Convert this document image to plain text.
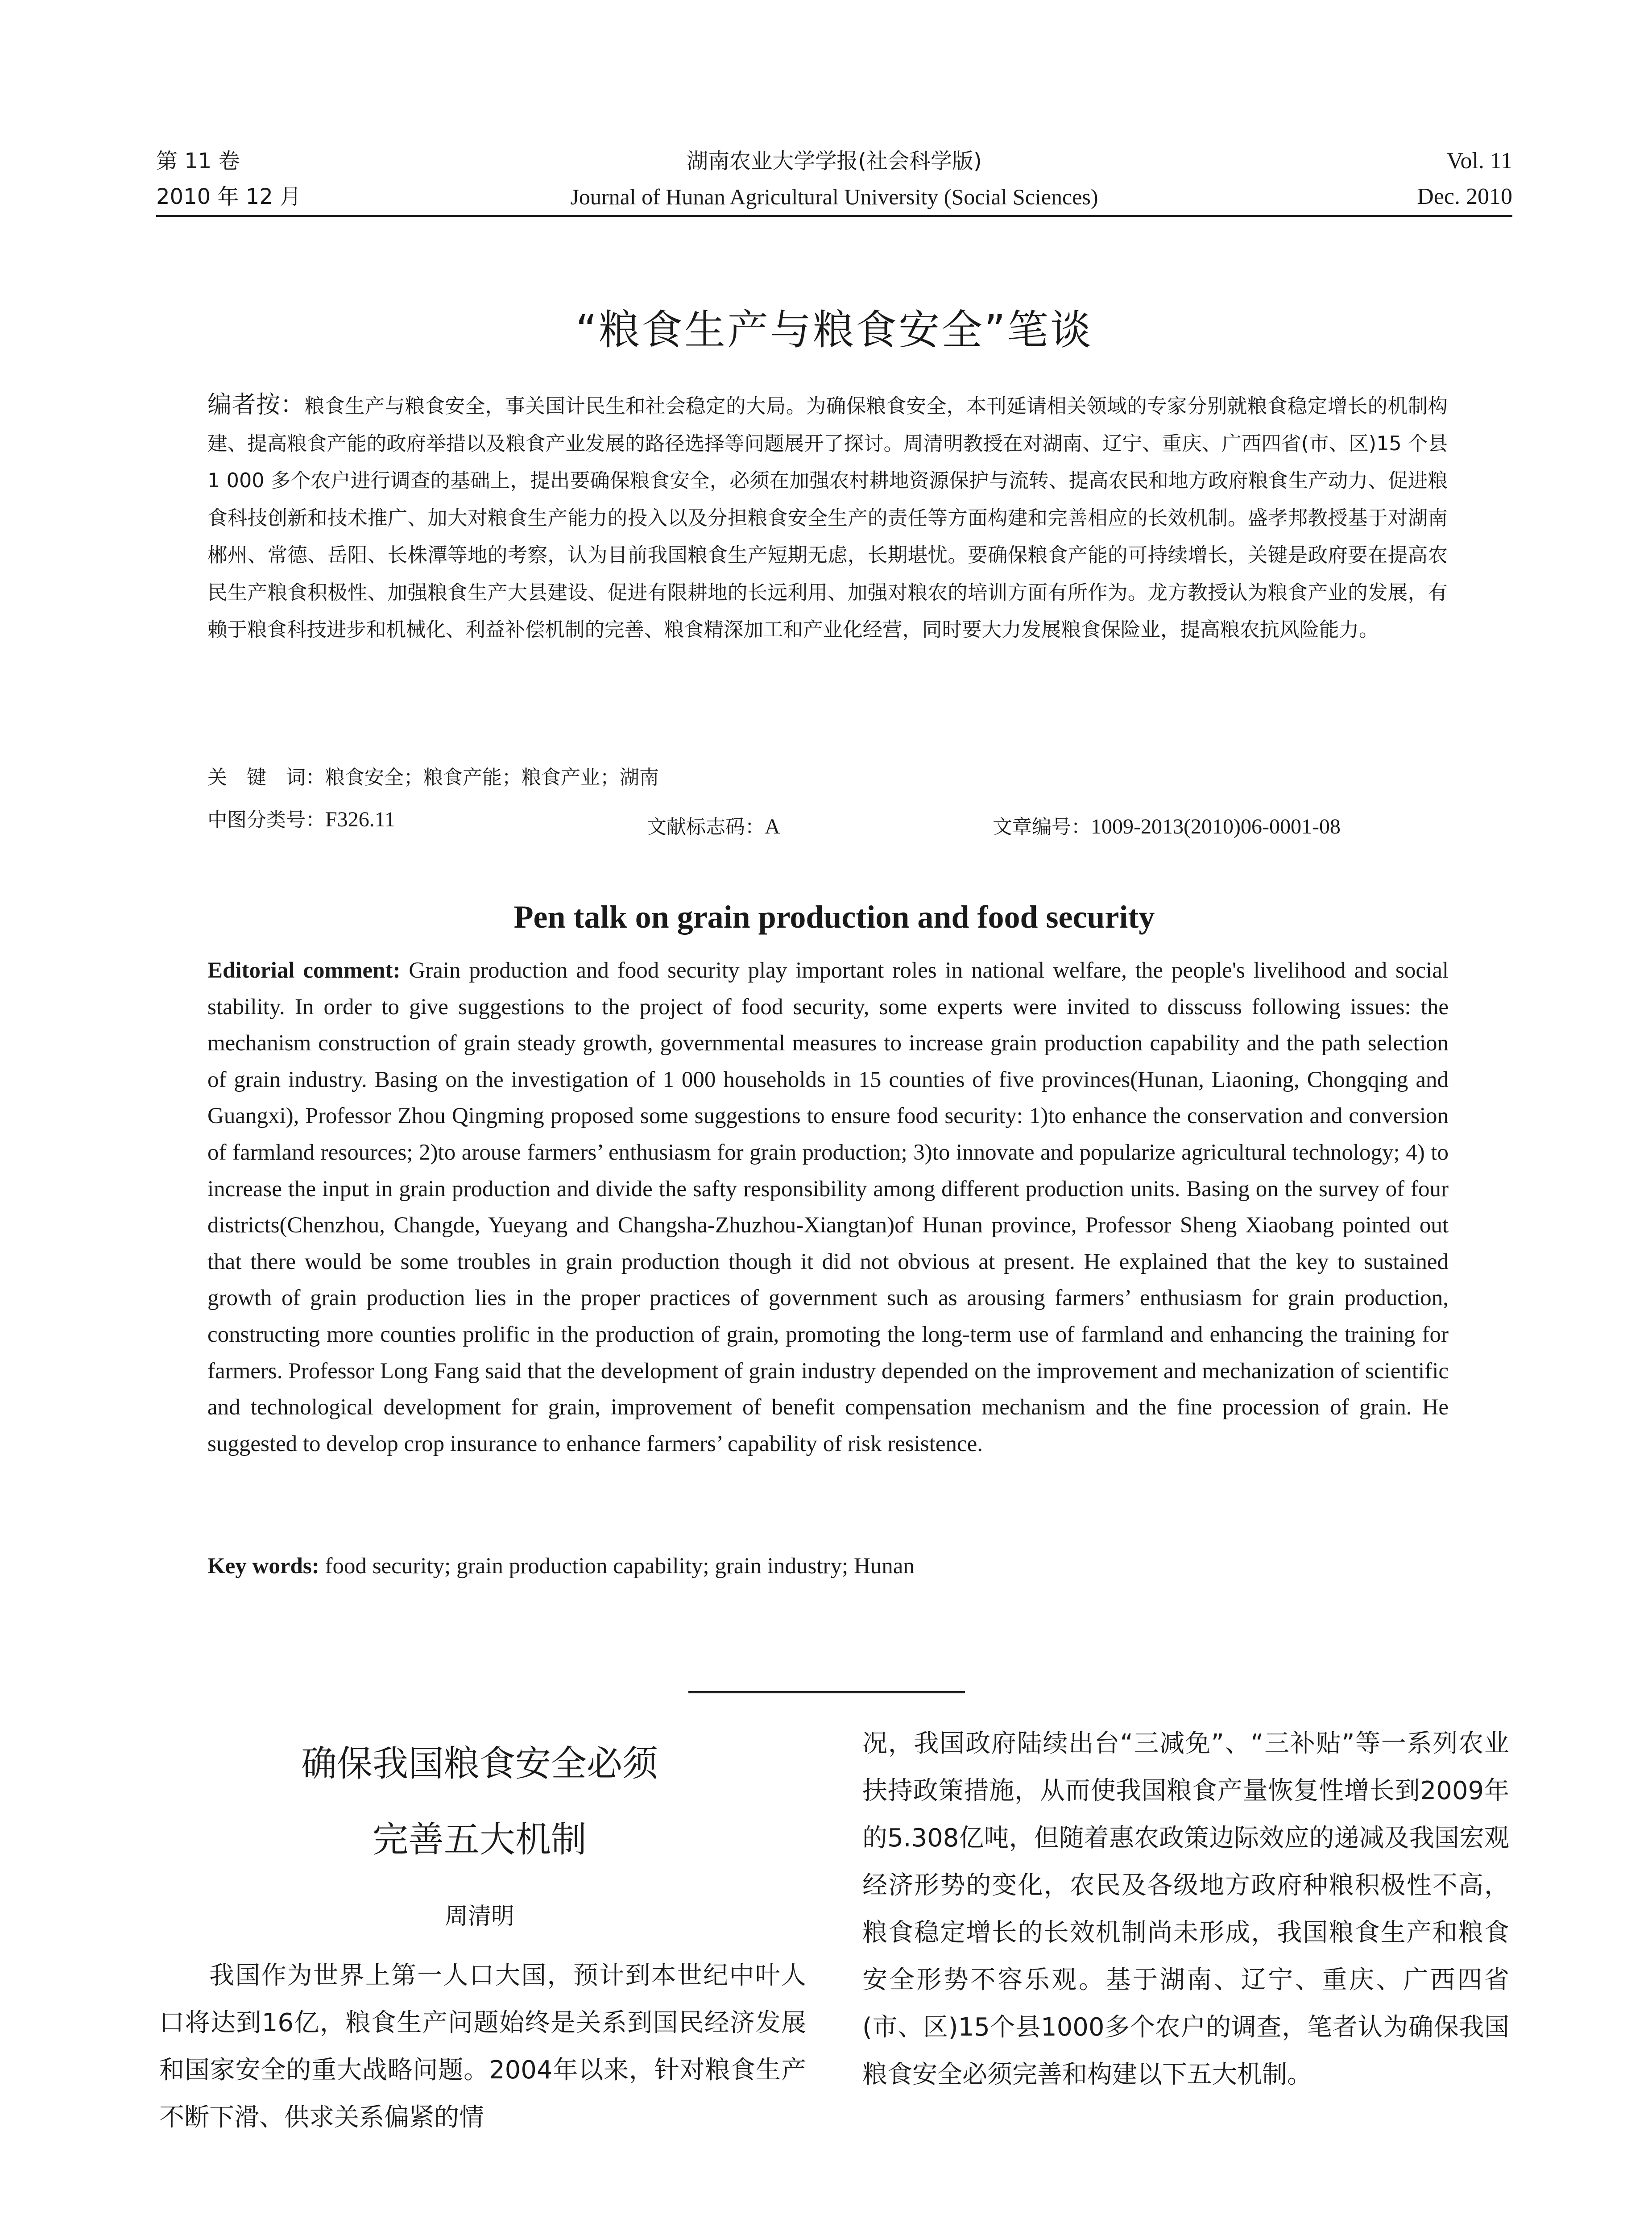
第 11 卷	湖南农业大学学报(社会科学版)	Vol. 11
2010 年 12 月	Journal of Hunan Agricultural University (Social Sciences)	Dec. 2010
“粮食生产与粮食安全”笔谈
编者按：粮食生产与粮食安全，事关国计民生和社会稳定的大局。为确保粮食安全，本刊延请相关领域的专家分别就粮食稳定增长的机制构建、提高粮食产能的政府举措以及粮食产业发展的路径选择等问题展开了探讨。周清明教授在对湖南、辽宁、重庆、广西四省(市、区)15 个县 1 000 多个农户进行调查的基础上，提出要确保粮食安全，必须在加强农村耕地资源保护与流转、提高农民和地方政府粮食生产动力、促进粮食科技创新和技术推广、加大对粮食生产能力的投入以及分担粮食安全生产的责任等方面构建和完善相应的长效机制。盛孝邦教授基于对湖南郴州、常德、岳阳、长株潭等地的考察，认为目前我国粮食生产短期无虑，长期堪忧。要确保粮食产能的可持续增长，关键是政府要在提高农民生产粮食积极性、加强粮食生产大县建设、促进有限耕地的长远利用、加强对粮农的培训方面有所作为。龙方教授认为粮食产业的发展，有赖于粮食科技进步和机械化、利益补偿机制的完善、粮食精深加工和产业化经营，同时要大力发展粮食保险业，提高粮农抗风险能力。
关　键　词：粮食安全；粮食产能；粮食产业；湖南
中图分类号：F326.11	文献标志码：A	文章编号：1009-2013(2010)06-0001-08
Pen talk on grain production and food security
Editorial comment: Grain production and food security play important roles in national welfare, the people's livelihood and social stability. In order to give suggestions to the project of food security, some experts were invited to disscuss following issues: the mechanism construction of grain steady growth, governmental measures to increase grain production capability and the path selection of grain industry. Basing on the investigation of 1 000 households in 15 counties of five provinces(Hunan, Liaoning, Chongqing and Guangxi), Professor Zhou Qingming proposed some suggestions to ensure food security: 1)to enhance the conservation and conversion of farmland resources; 2)to arouse farmers’ enthusiasm for grain production; 3)to innovate and popularize agricultural technology; 4) to increase the input in grain production and divide the safty responsibility among different production units. Basing on the survey of four districts(Chenzhou, Changde, Yueyang and Changsha-Zhuzhou-Xiangtan)of Hunan province, Professor Sheng Xiaobang pointed out that there would be some troubles in grain production though it did not obvious at present. He explained that the key to sustained growth of grain production lies in the proper practices of government such as arousing farmers’ enthusiasm for grain production, constructing more counties prolific in the production of grain, promoting the long-term use of farmland and enhancing the training for farmers. Professor Long Fang said that the development of grain industry depended on the improvement and mechanization of scientific and technological development for grain, improvement of benefit compensation mechanism and the fine procession of grain. He suggested to develop crop insurance to enhance farmers’ capability of risk resistence.
Key words: food security; grain production capability; grain industry; Hunan
确保我国粮食安全必须
完善五大机制
周清明
我国作为世界上第一人口大国，预计到本世纪中叶人口将达到16亿，粮食生产问题始终是关系到国民经济发展和国家安全的重大战略问题。2004年以来，针对粮食生产不断下滑、供求关系偏紧的情
况，我国政府陆续出台“三减免”、“三补贴”等一系列农业扶持政策措施，从而使我国粮食产量恢复性增长到2009年的5.308亿吨，但随着惠农政策边际效应的递减及我国宏观经济形势的变化，农民及各级地方政府种粮积极性不高，粮食稳定增长的长效机制尚未形成，我国粮食生产和粮食安全形势不容乐观。基于湖南、辽宁、重庆、广西四省(市、区)15个县1000多个农户的调查，笔者认为确保我国粮食安全必须完善和构建以下五大机制。
